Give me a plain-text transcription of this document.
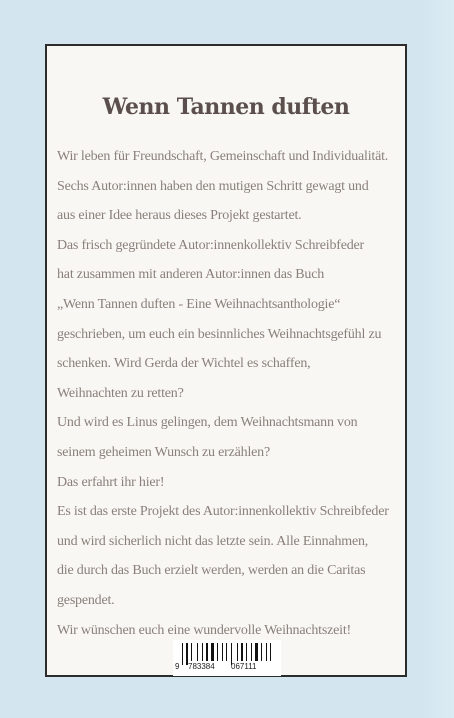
Wenn Tannen duften
Wir leben für Freundschaft, Gemeinschaft und Individualität.
Sechs Autor:innen haben den mutigen Schritt gewagt und
aus einer Idee heraus dieses Projekt gestartet.
Das frisch gegründete Autor:innenkollektiv Schreibfeder
hat zusammen mit anderen Autor:innen das Buch
„Wenn Tannen duften - Eine Weihnachtsanthologie“
geschrieben, um euch ein besinnliches Weihnachtsgefühl zu
schenken. Wird Gerda der Wichtel es schaffen,
Weihnachten zu retten?
Und wird es Linus gelingen, dem Weihnachtsmann von
seinem geheimen Wunsch zu erzählen?
Das erfahrt ihr hier!
Es ist das erste Projekt des Autor:innenkollektiv Schreibfeder
und wird sicherlich nicht das letzte sein. Alle Einnahmen,
die durch das Buch erzielt werden, werden an die Caritas
gespendet.
Wir wünschen euch eine wundervolle Weihnachtszeit!
9 783384 067111
